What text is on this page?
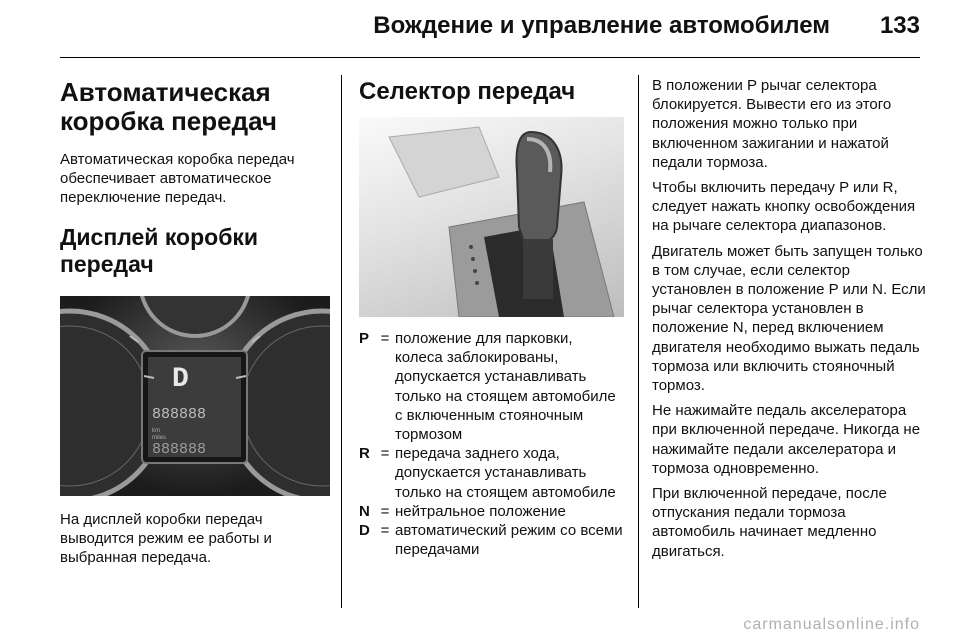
Вождение и управление автомобилем 133
Автоматическая
коробка передач

Автоматическая коробка передач обеспечивает автоматическое переключение передач.

Дисплей коробки
передач
D
888888
km
miles
888888

На дисплей коробки передач выводится режим ее работы и выбранная передача.

Селектор передач
P	=	положение для парковки, колеса заблокированы, допускается устанавливать только на стоящем автомобиле с включенным стояночным тормозом
R	=	передача заднего хода, допускается устанавливать только на стоящем автомобиле
N	=	нейтральное положение
D	=	автоматический режим со всеми передачами

В положении P рычаг селектора блокируется. Вывести его из этого положения можно только при включенном зажигании и нажатой педали тормоза.

Чтобы включить передачу P или R, следует нажать кнопку освобождения на рычаге селектора диапазонов.

Двигатель может быть запущен только в том случае, если селектор установлен в положение P или N. Если рычаг селектора установлен в положение N, перед включением двигателя необходимо выжать педаль тормоза или включить стояночный тормоз.

Не нажимайте педаль акселератора при включенной передаче. Никогда не нажимайте педали акселератора и тормоза одновременно.

При включенной передаче, после отпускания педали тормоза автомобиль начинает медленно двигаться.

carmanualsonline.info
